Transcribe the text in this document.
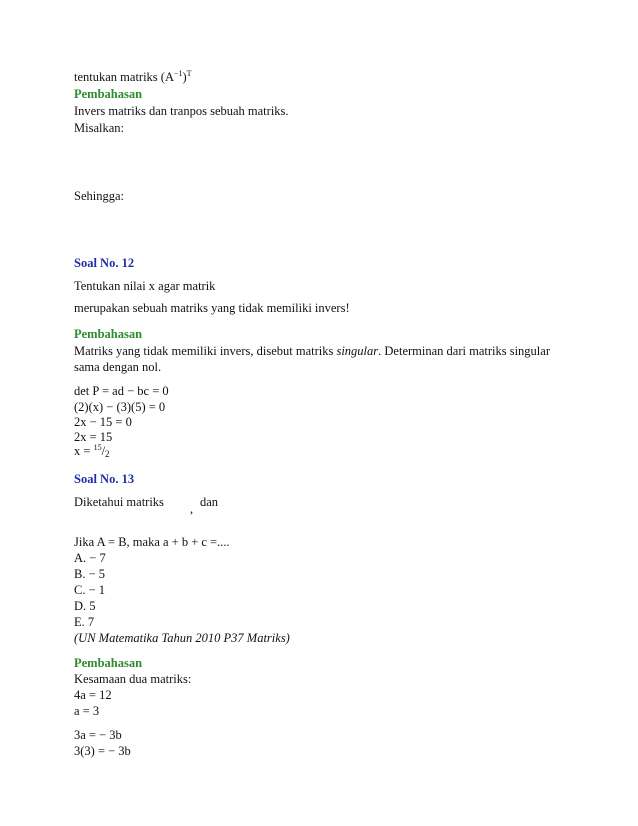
tentukan matriks $(A^{-1})^T$
Pembahasan
Invers matriks dan tranpos sebuah matriks.
Misalkan:
Sehingga:
Soal No. 12
Tentukan nilai x agar matrik
merupakan sebuah matriks yang tidak memiliki invers!
Pembahasan
Matriks yang tidak memiliki invers, disebut matriks singular. Determinan dari matriks singular
sama dengan nol.
det P = ad − bc = 0
(2)(x) − (3)(5) = 0
2x − 15 = 0
2x = 15
$x = ^{15}/_2$
Soal No. 13
Diketahui matriks	dan
,
Jika A = B, maka a + b + c =....
A. − 7
B. − 5
C. − 1
D. 5
E. 7
(UN Matematika Tahun 2010 P37 Matriks)
Pembahasan
Kesamaan dua matriks:
4a = 12
a = 3
3a = − 3b
3(3) = − 3b
